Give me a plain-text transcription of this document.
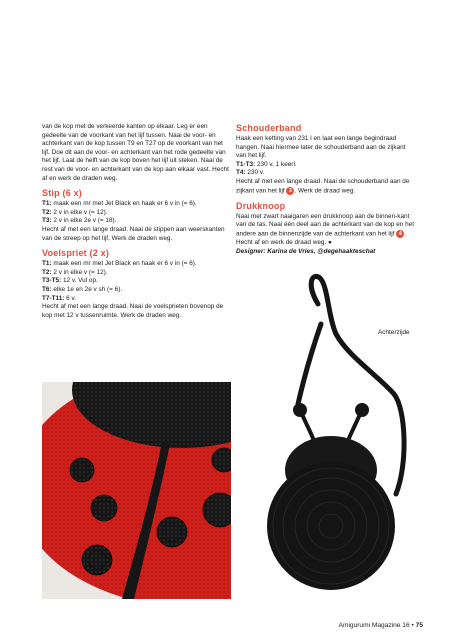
van de kop met de verkeerde kanten op elkaar. Leg er een gedeelte van de voorkant van het lijf tussen. Naai de voor- en achterkant van de kop tussen T9 en T27 op de voorkant van het lijf. Doe dit aan de voor- en achterkant van het rode gedeelte van het lijf. Laat de helft van de kop boven het lijf uit steken. Naai de rest van de voor- en achterkant van de kop aan elkaar vast. Hecht af en werk de draden weg.

Stip (6 x)
T1: maak een mr met Jet Black en haak er 6 v in (= 6).
T2: 2 v in elke v (= 12).
T3: 2 v in elke 2e v (= 18).

Hecht af met een lange draad. Naai de stippen aan weerskanten van de streep op het lijf. Werk de draden weg.

Voelspriet (2 x)
T1: maak een mr met Jet Black en haak er 6 v in (= 6).
T2: 2 v in elke v (= 12).
T3-T5: 12 v. Vul op.
T6: elke 1e en 2e v sh (= 6).
T7-T11: 6 v.

Hecht af met een lange draad. Naai de voelsprieten bovenop de kop met 12 v tussenruimte. Werk de draden weg.

Schouderband

Haak een ketting van 231 l en laat een lange begindraad hangen. Naai hiermee later de schouderband aan de zijkant van het lijf.

T1-T3: 230 v, 1 keerl.
T4: 230 v.

Hecht af met een lange draad. Naai de schouderband aan de zijkant van het lijf 3 . Werk de draad weg.

Drukknoop

Naai met zwart naaigaren een drukknoop aan de binnen-kant van de tas. Naai één deel aan de achterkant van de kop en het andere aan de binnenzijde van de achterkant van het lijf 4 . Hecht af en werk de draad weg. ●

Designer: Karina de Vries, @degehaakteschat
Achterzijde
Amigurumi Magazine 16 • 75
